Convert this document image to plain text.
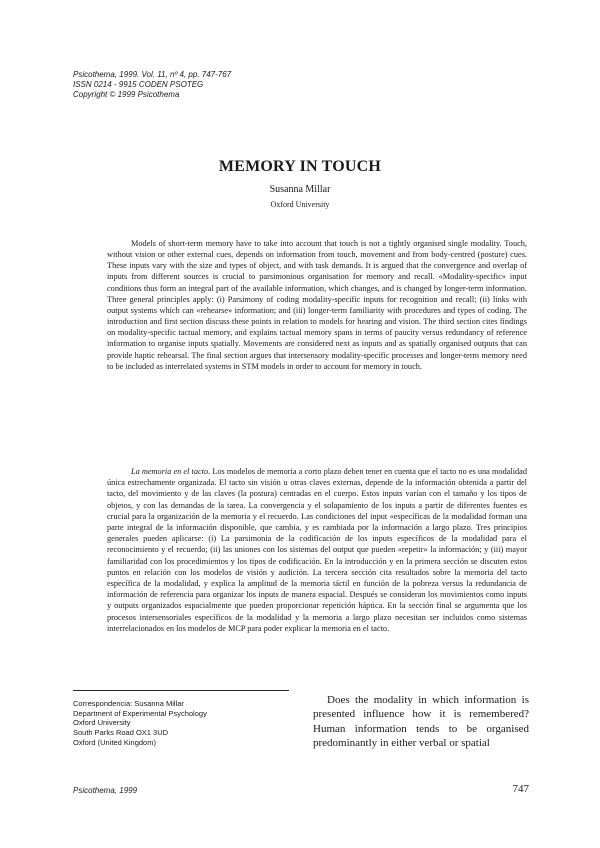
Psicothema, 1999. Vol. 11, nº 4, pp. 747-767
ISSN 0214 - 9915 CODEN PSOTEG
Copyright © 1999 Psicothema
MEMORY IN TOUCH
Susanna Millar
Oxford University

Models of short-term memory have to take into account that touch is not a tightly organised single modality. Touch, without vision or other external cues, depends on information from touch, movement and from body-centred (posture) cues. These inputs vary with the size and types of object, and with task demands. It is argued that the convergence and overlap of inputs from different sources is crucial to parsimonious organisation for memory and recall. «Modality-specific» input conditions thus form an integral part of the available information, which changes, and is changed by longer-term information. Three general principles apply: (i) Parsimony of coding modality-specific inputs for recognition and recall; (ii) links with output systems which can «rehearse» information; and (iii) longer-term familiarity with procedures and types of coding. The introduction and first section discuss these points in relation to models for hearing and vision. The third section cites findings on modality-specific tactual memory, and explains tactual memory spans in terms of paucity versus redundancy of reference information to organise inputs spatially. Movements are considered next as inputs and as spatially organised outputs that can provide haptic rehearsal. The final section argues that intersensory modality-specific processes and longer-term memory need to be included as interrelated systems in STM models in order to account for memory in touch.

La memoria en el tacto. Los modelos de memoria a corto plazo deben tener en cuenta que el tacto no es una modalidad única estrechamente organizada. El tacto sin visión u otras claves externas, depende de la información obtenida a partir del tacto, del movimiento y de las claves (la postura) centradas en el cuerpo. Estos inputs varían con el tamaño y los tipos de objetos, y con las demandas de la tarea. La convergencia y el solapamiento de los inputs a partir de diferentes fuentes es crucial para la organización de la memoria y el recuerdo. Las condiciones del input «específicas de la modalidad forman una parte integral de la información disponible, que cambia, y es cambiada por la información a largo plazo. Tres principios generales pueden aplicarse: (i) La parsimonia de la codificación de los inputs específicos de la modalidad para el reconocimiento y el recuerdo; (ii) las uniones con los sistemas del output que pueden «repetir» la información; y (iii) mayor familiaridad con los procedimientos y los tipos de codificación. En la introducción y en la primera sección se discuten estos puntos en relación con los modelos de visión y audición. La tercera sección cita resultados sobre la memoria del tacto específica de la modalidad, y explica la amplitud de la memoria táctil en función de la pobreza versus la redundancia de información de referencia para organizar los inputs de manera espacial. Después se consideran los movimientos como inputs y outputs organizados espacialmente que pueden proporcionar repetición háptica. En la sección final se argumenta que los procesos intersensoriales específicos de la modalidad y la memoria a largo plazo necesitan ser incluidos como sistemas interrelacionados en los modelos de MCP para poder explicar la memoria en el tacto.

Correspondencia: Susanna Millar
Department of Experimental Psychology
Oxford University
South Parks Road OX1 3UD
Oxford (United Kingdom)

Does the modality in which information is presented influence how it is remembered? Human information tends to be organised predominantly in either verbal or spatial

Psicothema, 1999	747
